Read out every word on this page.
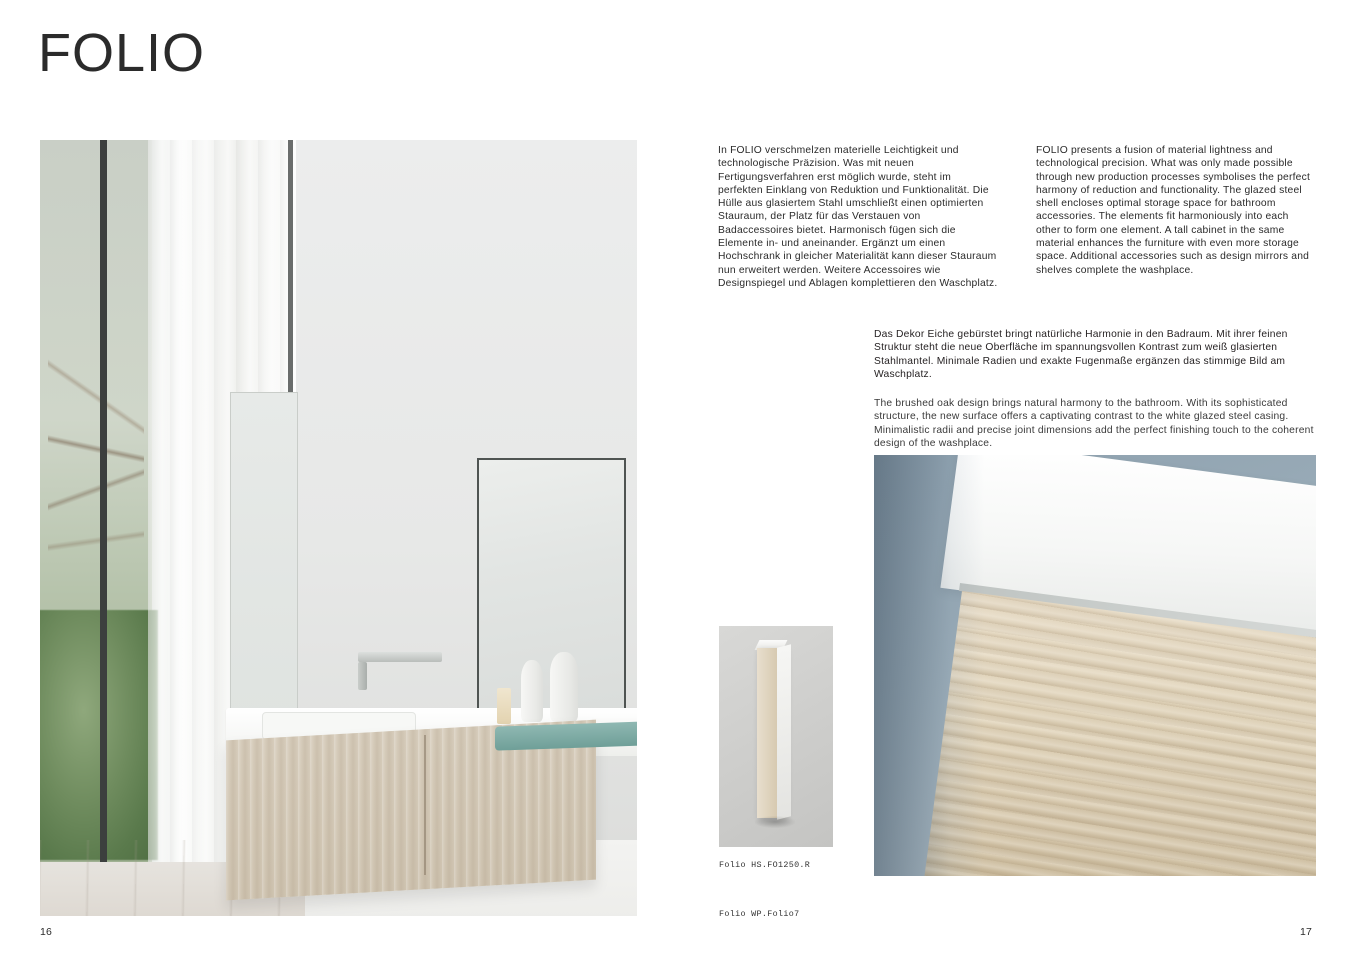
FOLIO
In FOLIO verschmelzen materielle Leichtigkeit und technologische Präzision. Was mit neuen Fertigungsverfahren erst möglich wurde, steht im perfekten Einklang von Reduktion und Funktionalität. Die Hülle aus glasiertem Stahl umschließt einen optimierten Stauraum, der Platz für das Verstauen von Badaccessoires bietet. Harmonisch fügen sich die Elemente in- und aneinander. Ergänzt um einen Hochschrank in gleicher Materialität kann dieser Stauraum nun erweitert werden. Weitere Accessoires wie Designspiegel und Ablagen komplettieren den Waschplatz.
FOLIO presents a fusion of material lightness and technological precision. What was only made possible through new production processes symbolises the perfect harmony of reduction and functionality. The glazed steel shell encloses optimal storage space for bathroom accessories. The elements fit harmoniously into each other to form one element. A tall cabinet in the same material enhances the furniture with even more storage space. Additional accessories such as design mirrors and shelves complete the washplace.
Das Dekor Eiche gebürstet bringt natürliche Harmonie in den Badraum. Mit ihrer feinen Struktur steht die neue Oberfläche im spannungsvollen Kontrast zum weiß glasierten Stahlmantel. Minimale Radien und exakte Fugenmaße ergänzen das stimmige Bild am Waschplatz.
The brushed oak design brings natural harmony to the bathroom. With its sophisticated structure, the new surface offers a captivating contrast to the white glazed steel casing. Minimalistic radii and precise joint dimensions add the perfect finishing touch to the coherent design of the washplace.
Folio HS.FO1250.R
Folio WP.Folio7
16	17
